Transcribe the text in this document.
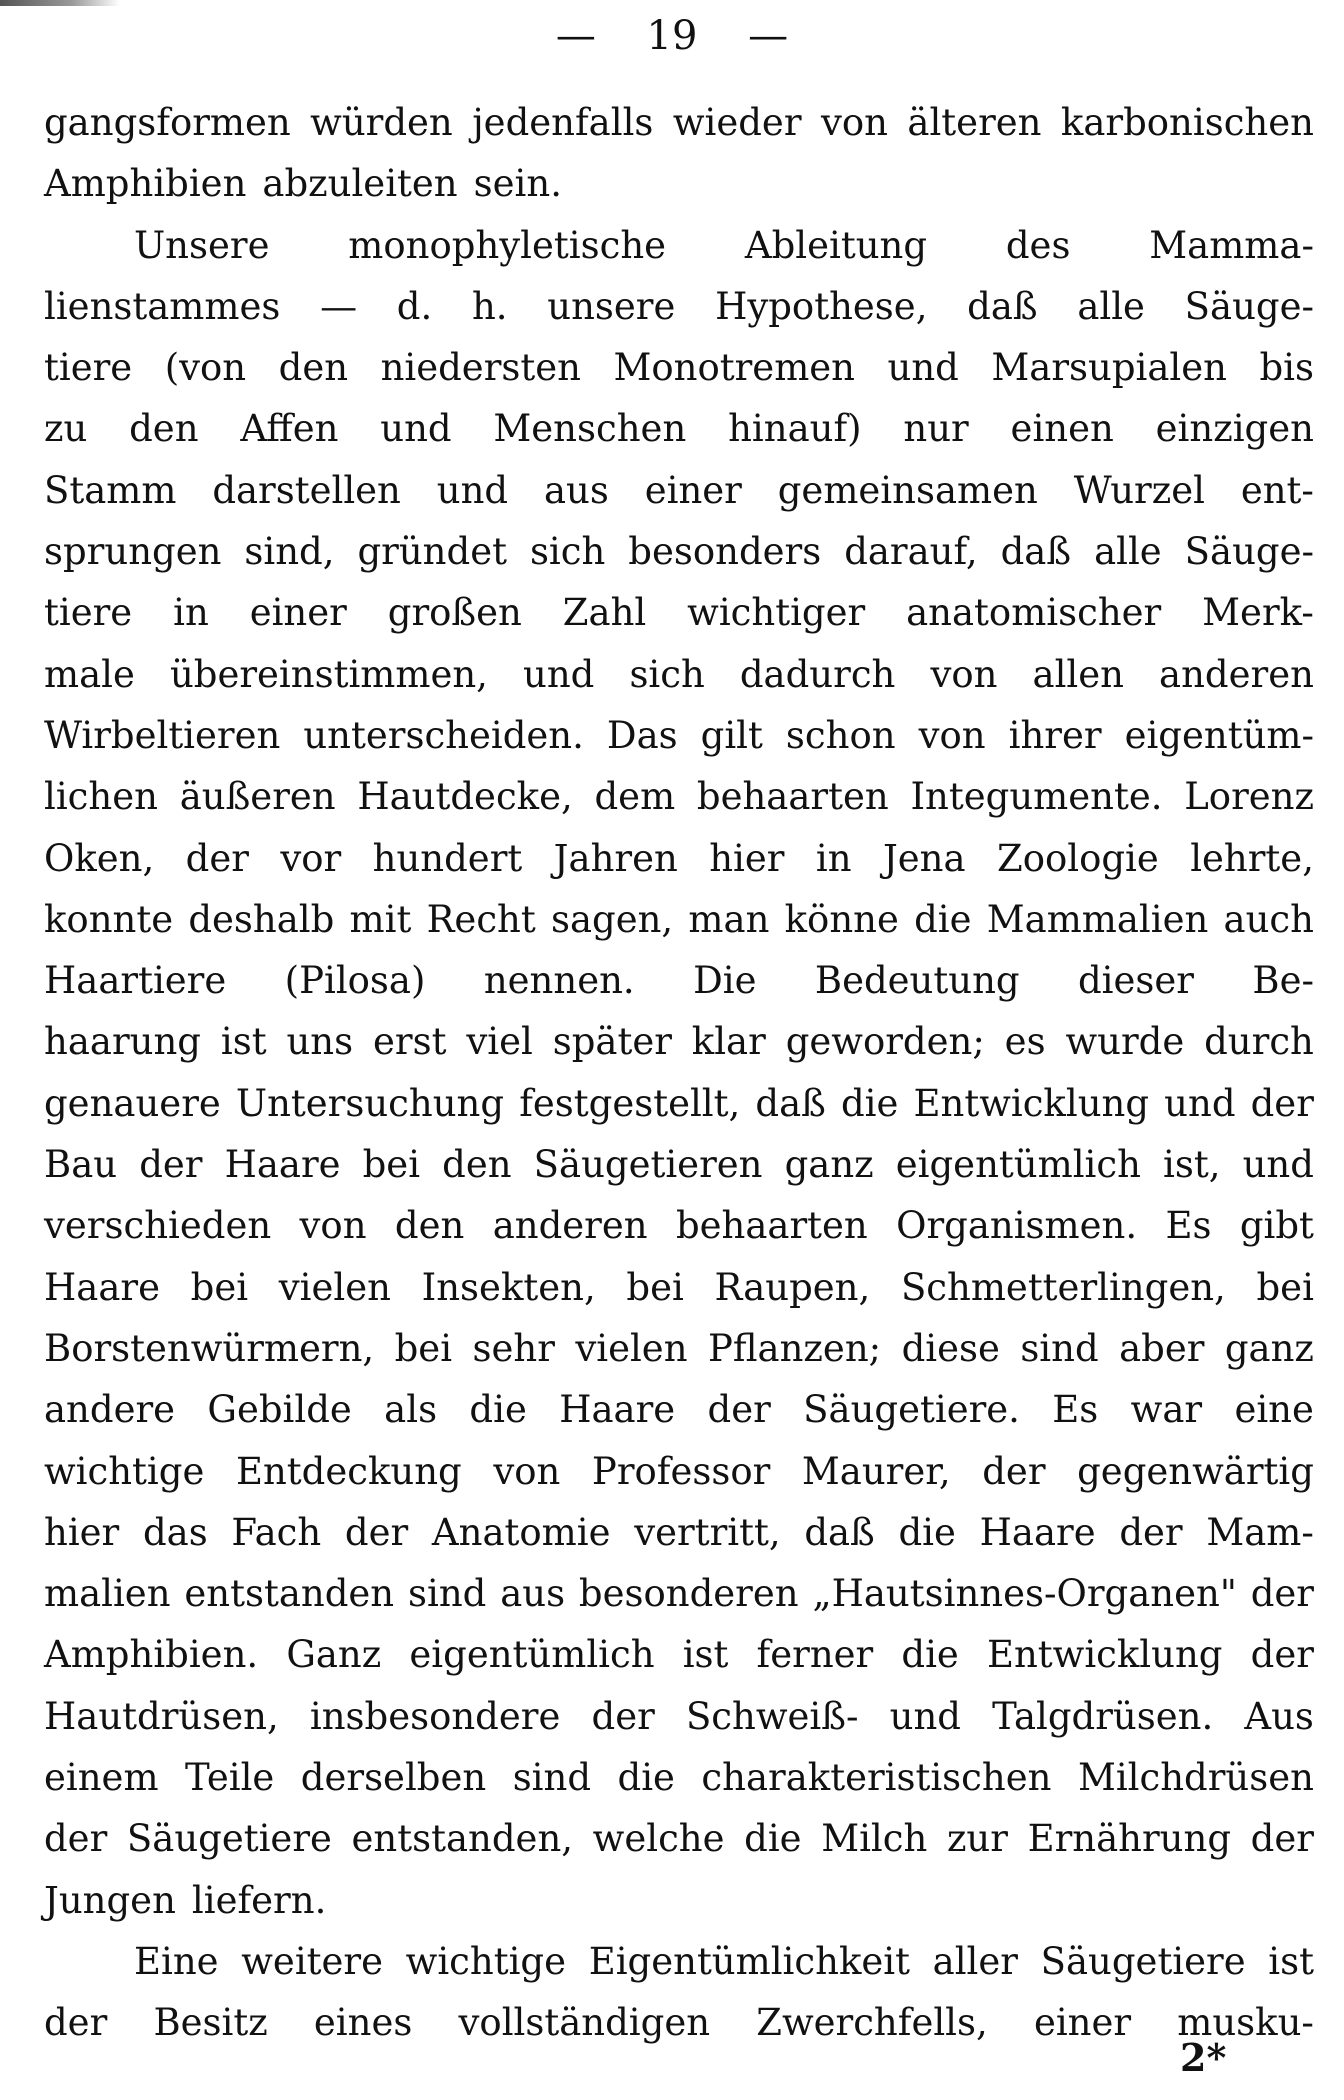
— 19 —
gangsformen würden jedenfalls wieder von älteren karbonischen
Amphibien abzuleiten sein.
Unsere monophyletische Ableitung des Mamma-
lienstammes — d. h. unsere Hypothese, daß alle Säuge-
tiere (von den niedersten Monotremen und Marsupialen bis
zu den Affen und Menschen hinauf) nur einen einzigen
Stamm darstellen und aus einer gemeinsamen Wurzel ent-
sprungen sind, gründet sich besonders darauf, daß alle Säuge-
tiere in einer großen Zahl wichtiger anatomischer Merk-
male übereinstimmen, und sich dadurch von allen anderen
Wirbeltieren unterscheiden. Das gilt schon von ihrer eigentüm-
lichen äußeren Hautdecke, dem behaarten Integumente. Lorenz
Oken, der vor hundert Jahren hier in Jena Zoologie lehrte,
konnte deshalb mit Recht sagen, man könne die Mammalien auch
Haartiere (Pilosa) nennen. Die Bedeutung dieser Be-
haarung ist uns erst viel später klar geworden; es wurde durch
genauere Untersuchung festgestellt, daß die Entwicklung und der
Bau der Haare bei den Säugetieren ganz eigentümlich ist, und
verschieden von den anderen behaarten Organismen. Es gibt
Haare bei vielen Insekten, bei Raupen, Schmetterlingen, bei
Borstenwürmern, bei sehr vielen Pflanzen; diese sind aber ganz
andere Gebilde als die Haare der Säugetiere. Es war eine
wichtige Entdeckung von Professor Maurer, der gegenwärtig
hier das Fach der Anatomie vertritt, daß die Haare der Mam-
malien entstanden sind aus besonderen „Hautsinnes-Organen" der
Amphibien. Ganz eigentümlich ist ferner die Entwicklung der
Hautdrüsen, insbesondere der Schweiß- und Talgdrüsen. Aus
einem Teile derselben sind die charakteristischen Milchdrüsen
der Säugetiere entstanden, welche die Milch zur Ernährung der
Jungen liefern.
Eine weitere wichtige Eigentümlichkeit aller Säugetiere ist
der Besitz eines vollständigen Zwerchfells, einer musku-
2*
